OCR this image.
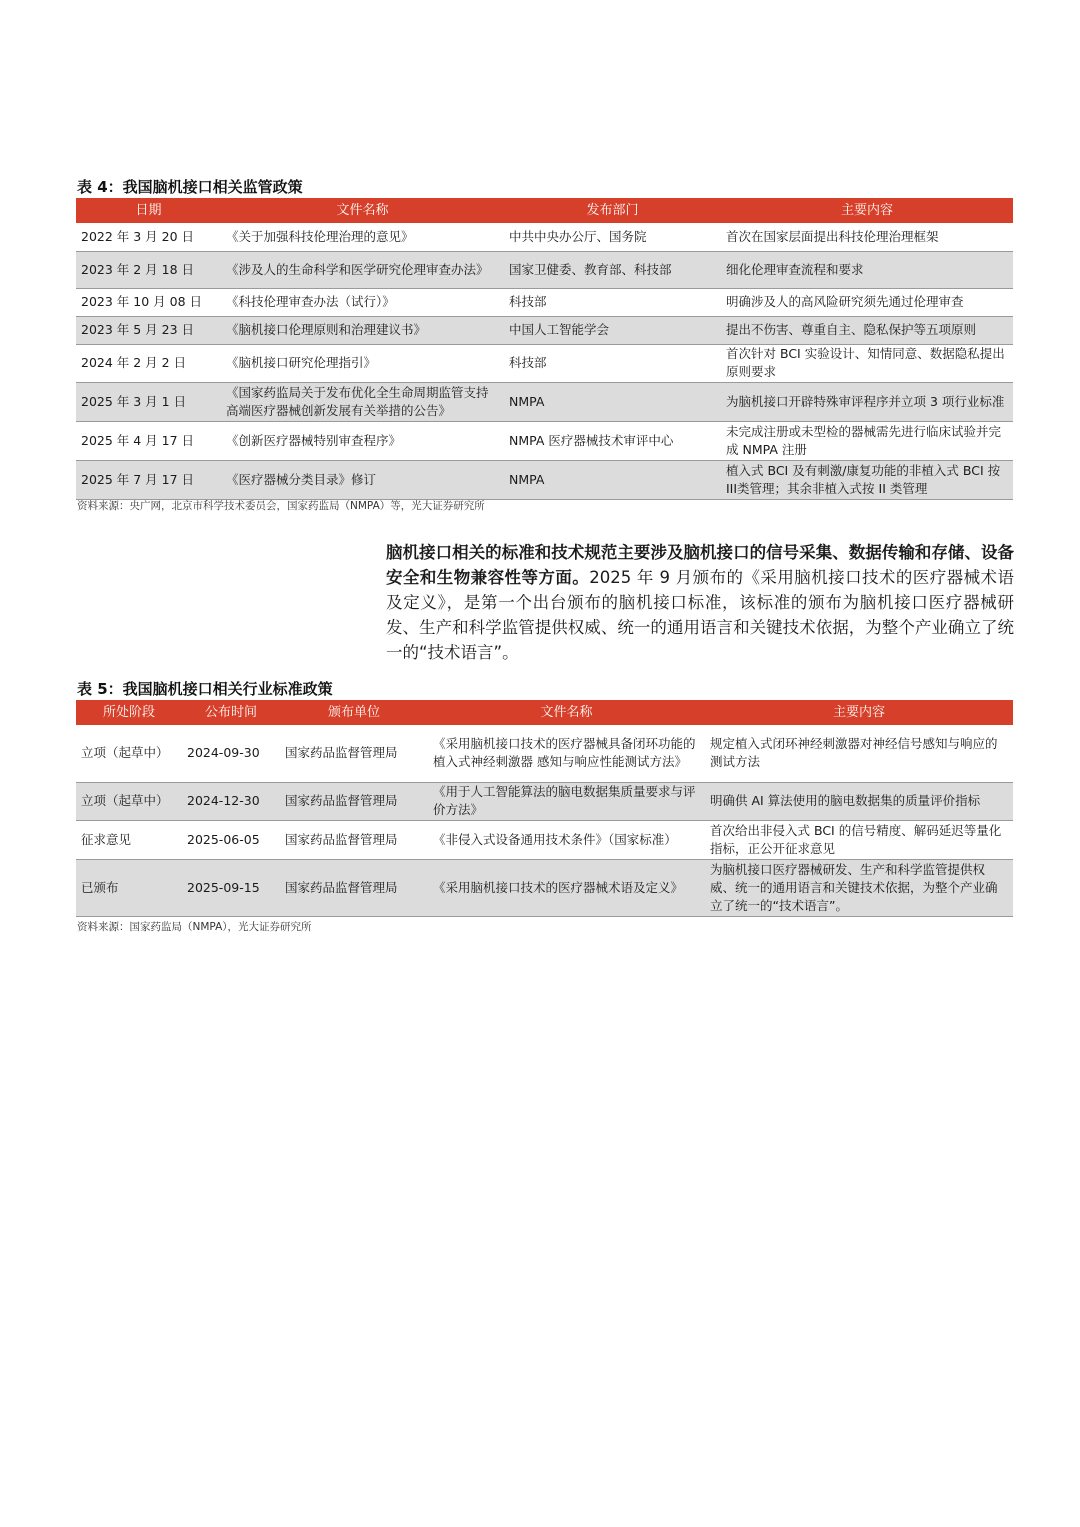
表 4：我国脑机接口相关监管政策
日期	文件名称	发布部门	主要内容
2022 年 3 月 20 日	《关于加强科技伦理治理的意见》	中共中央办公厅、国务院	首次在国家层面提出科技伦理治理框架
2023 年 2 月 18 日	《涉及人的生命科学和医学研究伦理审查办法》	国家卫健委、教育部、科技部	细化伦理审查流程和要求
2023 年 10 月 08 日	《科技伦理审查办法（试行）》	科技部	明确涉及人的高风险研究须先通过伦理审查
2023 年 5 月 23 日	《脑机接口伦理原则和治理建议书》	中国人工智能学会	提出不伤害、尊重自主、隐私保护等五项原则
2024 年 2 月 2 日	《脑机接口研究伦理指引》	科技部	首次针对 BCI 实验设计、知情同意、数据隐私提出原则要求
2025 年 3 月 1 日	《国家药监局关于发布优化全生命周期监管支持高端医疗器械创新发展有关举措的公告》	NMPA	为脑机接口开辟特殊审评程序并立项 3 项行业标准
2025 年 4 月 17 日	《创新医疗器械特别审查程序》	NMPA 医疗器械技术审评中心	未完成注册或未型检的器械需先进行临床试验并完成 NMPA 注册
2025 年 7 月 17 日	《医疗器械分类目录》修订	NMPA	植入式 BCI 及有刺激/康复功能的非植入式 BCI 按III类管理；其余非植入式按 II 类管理
资料来源：央广网，北京市科学技术委员会，国家药监局（NMPA）等，光大证券研究所

脑机接口相关的标准和技术规范主要涉及脑机接口的信号采集、数据传输和存储、设备安全和生物兼容性等方面。2025 年 9 月颁布的《采用脑机接口技术的医疗器械术语及定义》，是第一个出台颁布的脑机接口标准，该标准的颁布为脑机接口医疗器械研发、生产和科学监管提供权威、统一的通用语言和关键技术依据，为整个产业确立了统一的“技术语言”。

表 5：我国脑机接口相关行业标准政策
所处阶段	公布时间	颁布单位	文件名称	主要内容
立项（起草中）	2024-09-30	国家药品监督管理局	《采用脑机接口技术的医疗器械具备闭环功能的植入式神经刺激器 感知与响应性能测试方法》	规定植入式闭环神经刺激器对神经信号感知与响应的测试方法
立项（起草中）	2024-12-30	国家药品监督管理局	《用于人工智能算法的脑电数据集质量要求与评价方法》	明确供 AI 算法使用的脑电数据集的质量评价指标
征求意见	2025-06-05	国家药品监督管理局	《非侵入式设备通用技术条件》（国家标准）	首次给出非侵入式 BCI 的信号精度、解码延迟等量化指标，正公开征求意见
已颁布	2025-09-15	国家药品监督管理局	《采用脑机接口技术的医疗器械术语及定义》	为脑机接口医疗器械研发、生产和科学监管提供权威、统一的通用语言和关键技术依据，为整个产业确立了统一的“技术语言”。
资料来源：国家药监局（NMPA），光大证券研究所
